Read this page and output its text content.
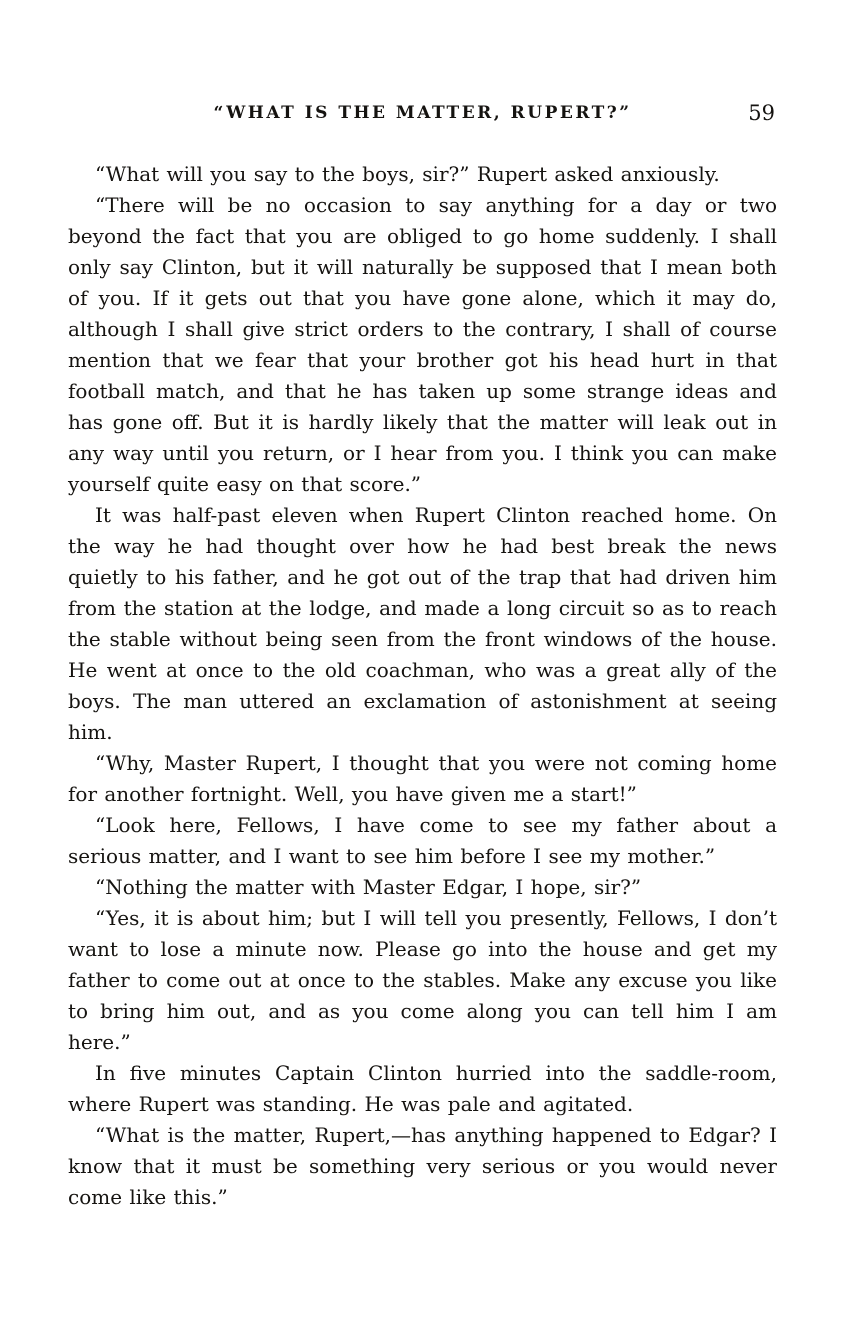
“WHAT IS THE MATTER, RUPERT?”	59

“What will you say to the boys, sir?” Rupert asked anxiously.

“There will be no occasion to say anything for a day or two beyond the fact that you are obliged to go home suddenly. I shall only say Clinton, but it will naturally be supposed that I mean both of you. If it gets out that you have gone alone, which it may do, although I shall give strict orders to the contrary, I shall of course mention that we fear that your brother got his head hurt in that football match, and that he has taken up some strange ideas and has gone off. But it is hardly likely that the matter will leak out in any way until you return, or I hear from you. I think you can make yourself quite easy on that score.”

It was half-past eleven when Rupert Clinton reached home. On the way he had thought over how he had best break the news quietly to his father, and he got out of the trap that had driven him from the station at the lodge, and made a long circuit so as to reach the stable without being seen from the front windows of the house. He went at once to the old coachman, who was a great ally of the boys. The man uttered an exclamation of astonishment at seeing him.

“Why, Master Rupert, I thought that you were not coming home for another fortnight. Well, you have given me a start!”

“Look here, Fellows, I have come to see my father about a serious matter, and I want to see him before I see my mother.”

“Nothing the matter with Master Edgar, I hope, sir?”

“Yes, it is about him; but I will tell you presently, Fellows, I don’t want to lose a minute now. Please go into the house and get my father to come out at once to the stables. Make any excuse you like to bring him out, and as you come along you can tell him I am here.”

In five minutes Captain Clinton hurried into the saddle-room, where Rupert was standing. He was pale and agitated.

“What is the matter, Rupert,—has anything happened to Edgar? I know that it must be something very serious or you would never come like this.”
